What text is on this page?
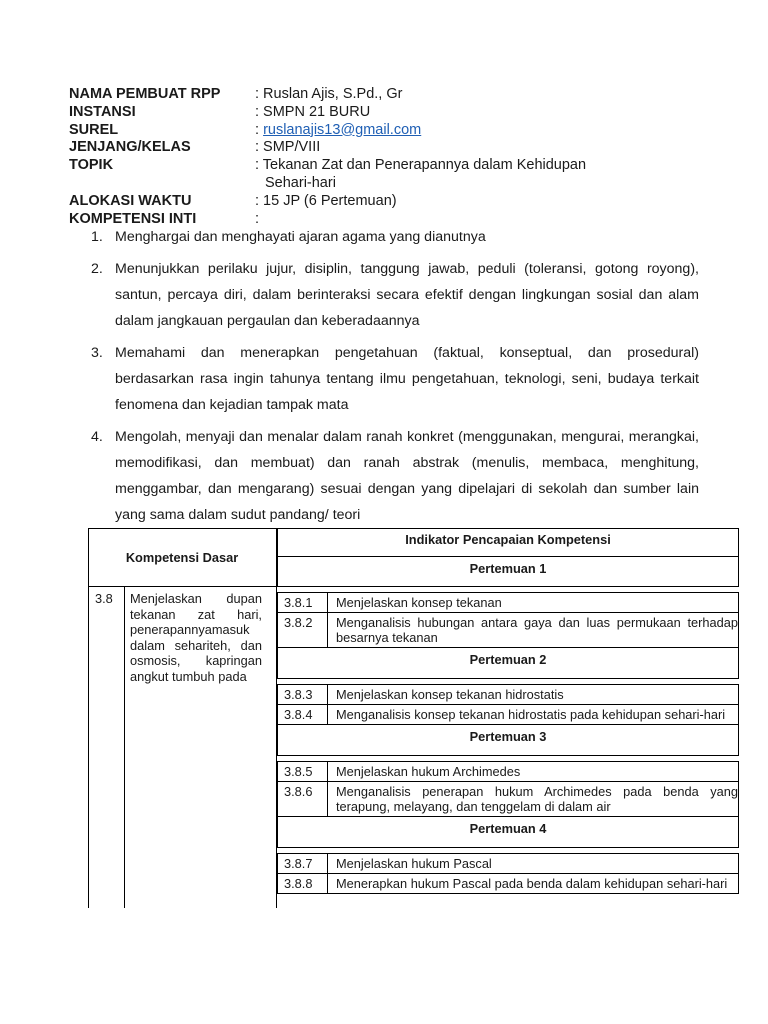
NAMA PEMBUAT RPP	: Ruslan Ajis, S.Pd., Gr
INSTANSI	: SMPN 21 BURU
SUREL	: ruslanajis13@gmail.com
JENJANG/KELAS	: SMP/VIII
TOPIK	: Tekanan Zat dan Penerapannya dalam Kehidupan
Sehari-hari
ALOKASI WAKTU	: 15 JP (6 Pertemuan)
KOMPETENSI INTI	:
1. Menghargai dan menghayati ajaran agama yang dianutnya
2. Menunjukkan perilaku jujur, disiplin, tanggung jawab, peduli (toleransi, gotong royong), santun, percaya diri, dalam berinteraksi secara efektif dengan lingkungan sosial dan alam dalam jangkauan pergaulan dan keberadaannya
3. Memahami dan menerapkan pengetahuan (faktual, konseptual, dan prosedural) berdasarkan rasa ingin tahunya tentang ilmu pengetahuan, teknologi, seni, budaya terkait fenomena dan kejadian tampak mata
4. Mengolah, menyaji dan menalar dalam ranah konkret (menggunakan, mengurai, merangkai, memodifikasi, dan membuat) dan ranah abstrak (menulis, membaca, menghitung, menggambar, dan mengarang) sesuai dengan yang dipelajari di sekolah dan sumber lain yang sama dalam sudut pandang/ teori
Kompetensi Dasar
3.8 Menjelaskan dupan tekanan zat hari, penerapannyamasuk dalam sehariteh, dan osmosis, kapringan angkut tumbuh pada
Indikator Pencapaian Kompetensi
Pertemuan 1
3.8.1	Menjelaskan konsep tekanan
3.8.2	Menganalisis hubungan antara gaya dan luas permukaan terhadap besarnya tekanan
Pertemuan 2
3.8.3	Menjelaskan konsep tekanan hidrostatis
3.8.4	Menganalisis konsep tekanan hidrostatis pada kehidupan sehari-hari
Pertemuan 3
3.8.5	Menjelaskan hukum Archimedes
3.8.6	Menganalisis penerapan hukum Archimedes pada benda yang terapung, melayang, dan tenggelam di dalam air
Pertemuan 4
3.8.7	Menjelaskan hukum Pascal
3.8.8	Menerapkan hukum Pascal pada benda dalam kehidupan sehari-hari
